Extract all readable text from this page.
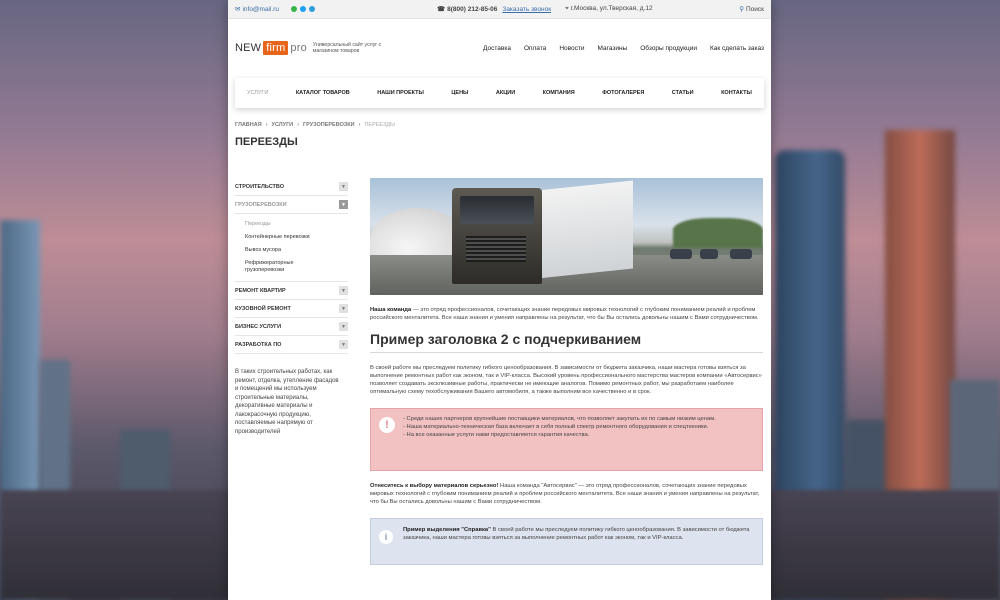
✉ info@mail.ru	☎ 8(800) 212-85-06 Заказать звонок ⌖ г.Москва, ул.Тверская, д.12	⚲ Поиск
NEW firm pro Универсальный сайт услуг с магазином товаров	Доставка Оплата Новости Магазины Обзоры продукции Как сделать заказ
УСЛУГИ	КАТАЛОГ ТОВАРОВ	НАШИ ПРОЕКТЫ	ЦЕНЫ	АКЦИИ	КОМПАНИЯ	ФОТОГАЛЕРЕЯ	СТАТЬИ	КОНТАКТЫ
ГЛАВНАЯ › УСЛУГИ › ГРУЗОПЕРЕВОЗКИ › ПЕРЕЕЗДЫ
ПЕРЕЕЗДЫ
СТРОИТЕЛЬСТВО	▼
ГРУЗОПЕРЕВОЗКИ	▼
Переезды
Контейнерные перевозки
Вывоз мусора
Рефрижераторные грузоперевозки
РЕМОНТ КВАРТИР	▼
КУЗОВНОЙ РЕМОНТ	▼
БИЗНЕС УСЛУГИ	▼
РАЗРАБОТКА ПО	▼
В таких строительных работах, как ремонт, отделка, утепление фасадов и помещений мы используем строительные материалы, декоративные материалы и лакокрасочную продукцию, поставляемые напрямую от производителей

Наша команда — это отряд профессионалов, сочетающих знание передовых мировых технологий с глубоким пониманием реалий и проблем российского менталитета. Все наши знания и умения направлены на результат, что бы Вы остались довольны нашим с Вами сотрудничеством.

Пример заголовка 2 с подчеркиванием

В своей работе мы преследуем политику гибкого ценообразования. В зависимости от бюджета заказчика, наши мастера готовы взяться за выполнение ремонтных работ как эконом, так и VIP-класса. Высокий уровень профессионального мастерства мастеров компании «Автосервис» позволяет создавать эксклюзивные работы, практически не имеющие аналогов. Помимо ремонтных работ, мы разработаем наиболее оптимальную схему техобслуживания Вашего автомобиля, а также выполним все качественно и в срок.

!	- Среди наших партнеров крупнейшие поставщики материалов, что позволяет закупать их по самым низким ценам.
- Наша материально-техническая база включает в себя полный спектр ремонтного оборудования и спецтехники.
- На все оказанные услуги нами предоставляется гарантия качества.

Отнеситесь к выбору материалов серьезно! Наша команда "Автосервис" — это отряд профессионалов, сочетающих знание передовых мировых технологий с глубоким пониманием реалий и проблем российского менталитета. Все наши знания и умения направлены на результат, что бы Вы остались довольны нашим с Вами сотрудничеством.

i
Пример выделения "Справка" В своей работе мы преследуем политику гибкого ценообразования. В зависимости от бюджета заказчика, наши мастера готовы взяться за выполнение ремонтных работ как эконом, так и VIP-класса.
